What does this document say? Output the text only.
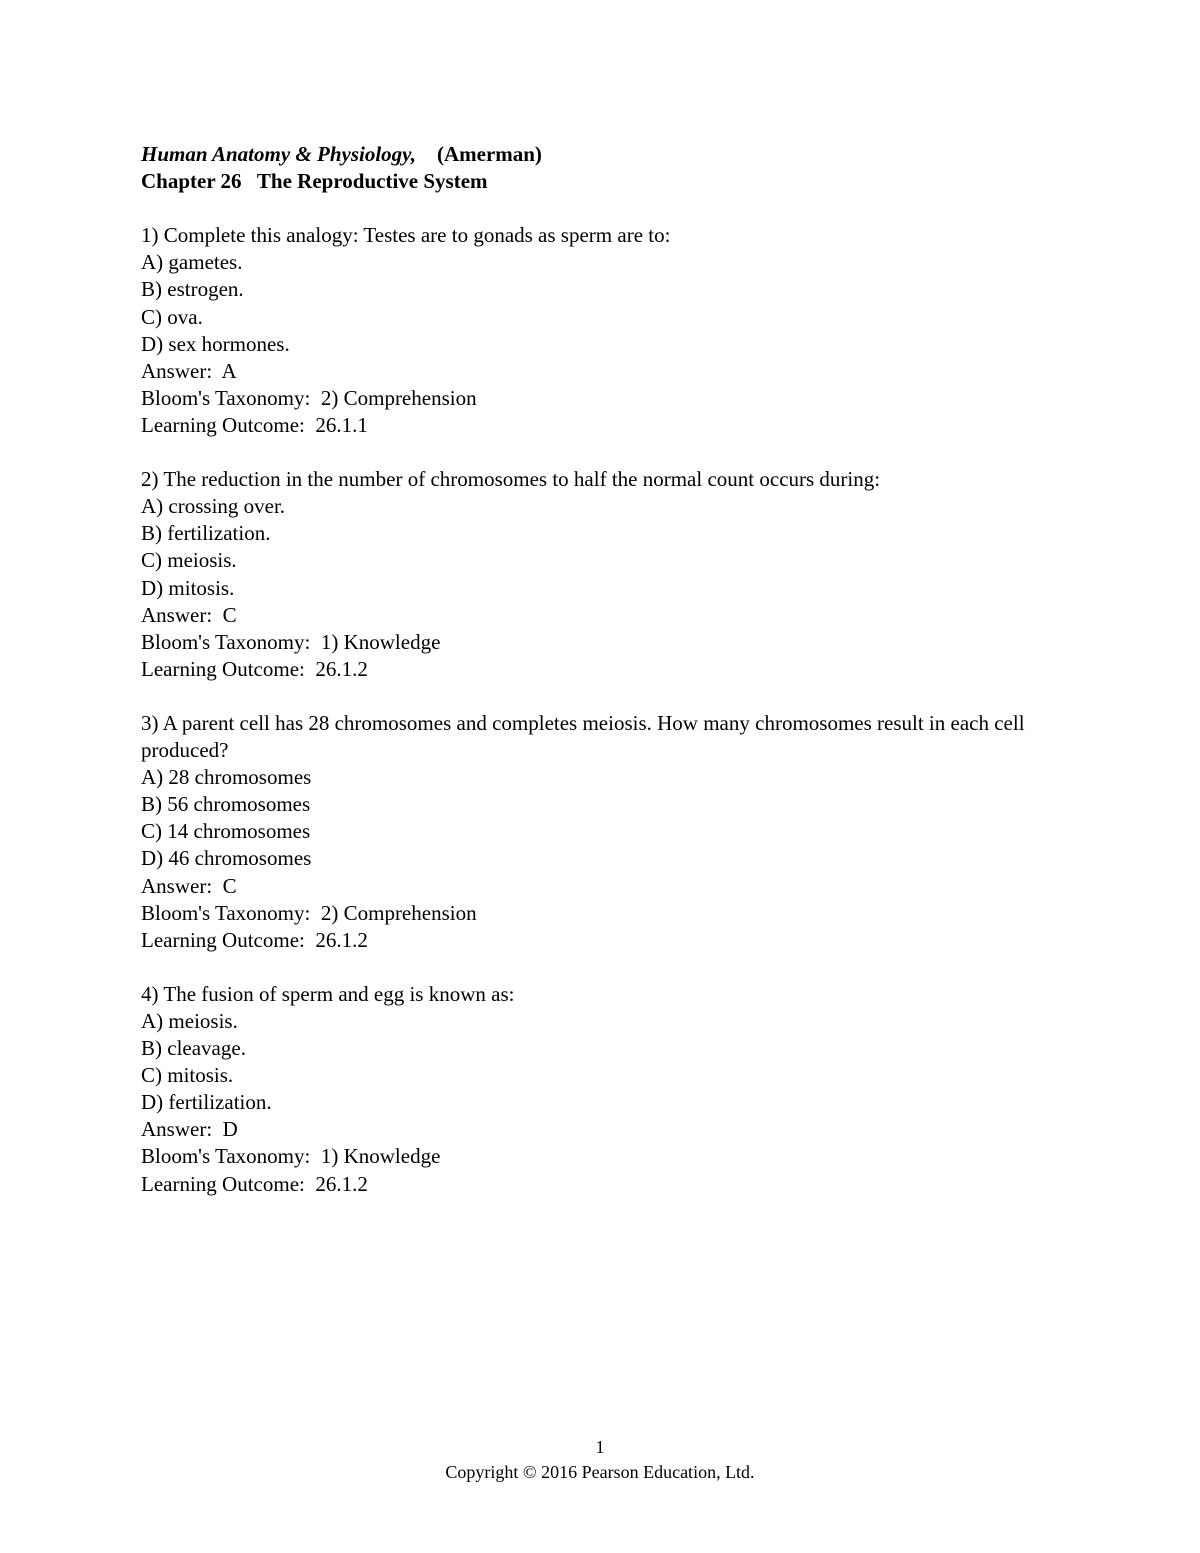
Human Anatomy & Physiology, (Amerman)
Chapter 26 The Reproductive System
1) Complete this analogy: Testes are to gonads as sperm are to:
A) gametes.
B) estrogen.
C) ova.
D) sex hormones.
Answer:  A
Bloom's Taxonomy:  2) Comprehension
Learning Outcome:  26.1.1
2) The reduction in the number of chromosomes to half the normal count occurs during:
A) crossing over.
B) fertilization.
C) meiosis.
D) mitosis.
Answer:  C
Bloom's Taxonomy:  1) Knowledge
Learning Outcome:  26.1.2
3) A parent cell has 28 chromosomes and completes meiosis. How many chromosomes result in each cell produced?
A) 28 chromosomes
B) 56 chromosomes
C) 14 chromosomes
D) 46 chromosomes
Answer:  C
Bloom's Taxonomy:  2) Comprehension
Learning Outcome:  26.1.2
4) The fusion of sperm and egg is known as:
A) meiosis.
B) cleavage.
C) mitosis.
D) fertilization.
Answer:  D
Bloom's Taxonomy:  1) Knowledge
Learning Outcome:  26.1.2
1
Copyright © 2016 Pearson Education, Ltd.
